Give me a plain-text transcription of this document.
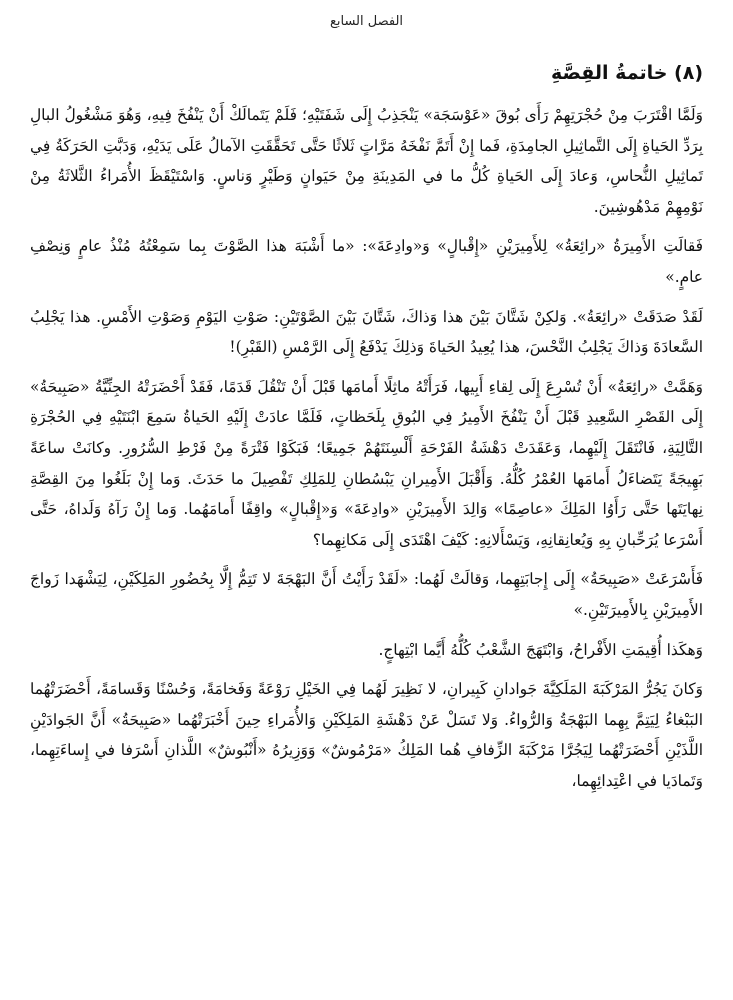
الفصل السابع
(٨) خاتمةُ القِصَّةِ

وَلَمَّا اقْتَرَبَ مِنْ حُجْرَتِهِمْ رَأَى بُوقَ «عَوْسَجَة» يَنْجَذِبُ إِلَى شَفَتَيْهِ؛ فَلَمْ يَتَمالَكْ أَنْ يَنْفُخَ فِيهِ، وَهُوَ مَشْغُولُ البالِ بِرَدِّ الحَياةِ إِلَى التَّماثِيلِ الجامِدَةِ، فَما إِنْ أَتَمَّ نَفْخَهُ مَرَّاتٍ ثَلاثًا حَتَّى تَحَقَّقَتِ الآمالُ عَلَى يَدَيْهِ، وَدَبَّتِ الحَرَكَةُ فِي تَماثِيلِ النُّحاسِ، وَعادَ إِلَى الحَياةِ كُلُّ ما في المَدِينَةِ مِنْ حَيَوانٍ وَطَيْرٍ وَناسٍ. وَاسْتَيْقَظَ الأُمَراءُ الثَّلاثَةُ مِنْ نَوْمِهِمْ مَدْهُوشِينَ.

فَقالَتِ الأَمِيرَةُ «رائِعَةُ» لِلأَمِيرَيْنِ «إِقْبالٍ» وَ«وادِعَةَ»: «ما أَشْبَهَ هذا الصَّوْتَ بِما سَمِعْتُهُ مُنْذُ عامٍ وَنِصْفِ عامٍ.»

لَقَدْ صَدَقَتْ «رائِعَةُ». وَلكِنْ شَتَّانَ بَيْنَ هذا وَذاكَ، شَتَّانَ بَيْنَ الصَّوْتَيْنِ: صَوْتِ اليَوْمِ وَصَوْتِ الأَمْسِ. هذا يَجْلِبُ السَّعادَةَ وَذاكَ يَجْلِبُ النَّحْسَ، هذا يُعِيدُ الحَياةَ وَذلِكَ يَدْفَعُ إِلَى الرَّمْسِ (القَبْرِ)!

وَهَمَّتْ «رائِعَةُ» أَنْ تُسْرِعَ إِلَى لِقاءِ أَبِيها، فَرَأَتْهُ ماثِلًا أَمامَها قَبْلَ أَنْ تَنْقُلَ قَدَمًا، فَقَدْ أَحْضَرَتْهُ الجِنِّيَّةُ «صَبِيحَةُ» إِلَى القَصْرِ السَّعِيدِ قَبْلَ أَنْ يَنْفُخَ الأَمِيرُ فِي البُوقِ بِلَحَظاتٍ، فَلَمَّا عادَتْ إِلَيْهِ الحَياةُ سَمِعَ ابْنَتَيْهِ فِي الحُجْرَةِ التَّالِيَةِ، فَانْتَقَلَ إِلَيْهِما، وَعَقَدَتْ دَهْشَةُ الفَرْحَةِ أَلْسِنَتَهُمْ جَمِيعًا؛ فَبَكَوْا فَتْرَةً مِنْ فَرْطِ السُّرُورِ. وكانَتْ ساعَةً بَهِيجَةً يَتَضاءَلُ أَمامَها العُمْرُ كُلُّهُ. وَأَقْبَلَ الأَمِيرانِ يَبْسُطانِ لِلمَلِكِ تَفْصِيلَ ما حَدَثَ. وَما إِنْ بَلَغُوا مِنَ القِصَّةِ نِهايَتَها حَتَّى رَأَوُا المَلِكَ «عاصِمًا» وَالِدَ الأَمِيرَيْنِ «وادِعَةَ» وَ«إِقْبالٍ» واقِفًا أَمامَهُما. وَما إِنْ رَآهُ وَلَداهُ، حَتَّى أَسْرَعا يُرَحِّبانِ بِهِ وَيُعانِقانِهِ، وَيَسْأَلانِهِ: كَيْفَ اهْتَدَى إِلَى مَكانِهِما؟

فَأَسْرَعَتْ «صَبِيحَةُ» إِلَى إِجابَتِهِما، وَقالَتْ لَهُما: «لَقَدْ رَأَيْتُ أَنَّ البَهْجَةَ لا تَتِمُّ إِلَّا بِحُضُورِ المَلِكَيْنِ، لِيَشْهَدا زَواجَ الأَمِيرَيْنِ بِالأَمِيرَتَيْنِ.»

وَهكَذا أُقِيمَتِ الأَفْراحُ، وَابْتَهَجَ الشَّعْبُ كُلُّهُ أَيَّما ابْتِهاجٍ.

وَكانَ يَجُرُّ المَرْكَبَةَ المَلَكِيَّةَ جَوادانِ كَبِيرانِ، لا نَظِيرَ لَهُما فِي الخَيْلِ رَوْعَةً وَفَخامَةً، وَحُسْنًا وَقَسامَةً، أَحْضَرَتْهُما البَبْغاءُ لِيَتِمَّ بِهِما البَهْجَةُ وَالرُّواءُ. وَلا تَسَلْ عَنْ دَهْشَةِ المَلِكَيْنِ وَالأُمَراءِ حِينَ أَخْبَرَتْهُما «صَبِيحَةُ» أَنَّ الجَوادَيْنِ اللَّذَيْنِ أَحْضَرَتْهُما لِيَجُرَّا مَرْكَبَةَ الزِّفافِ هُما المَلِكُ «مَرْمُوشٌ» وَوَزِيرُهُ «أَنْبُوشٌ» اللَّذانِ أَسْرَفا في إِساءَتِهِما، وَتَمادَيا في اعْتِدائِهِما،
